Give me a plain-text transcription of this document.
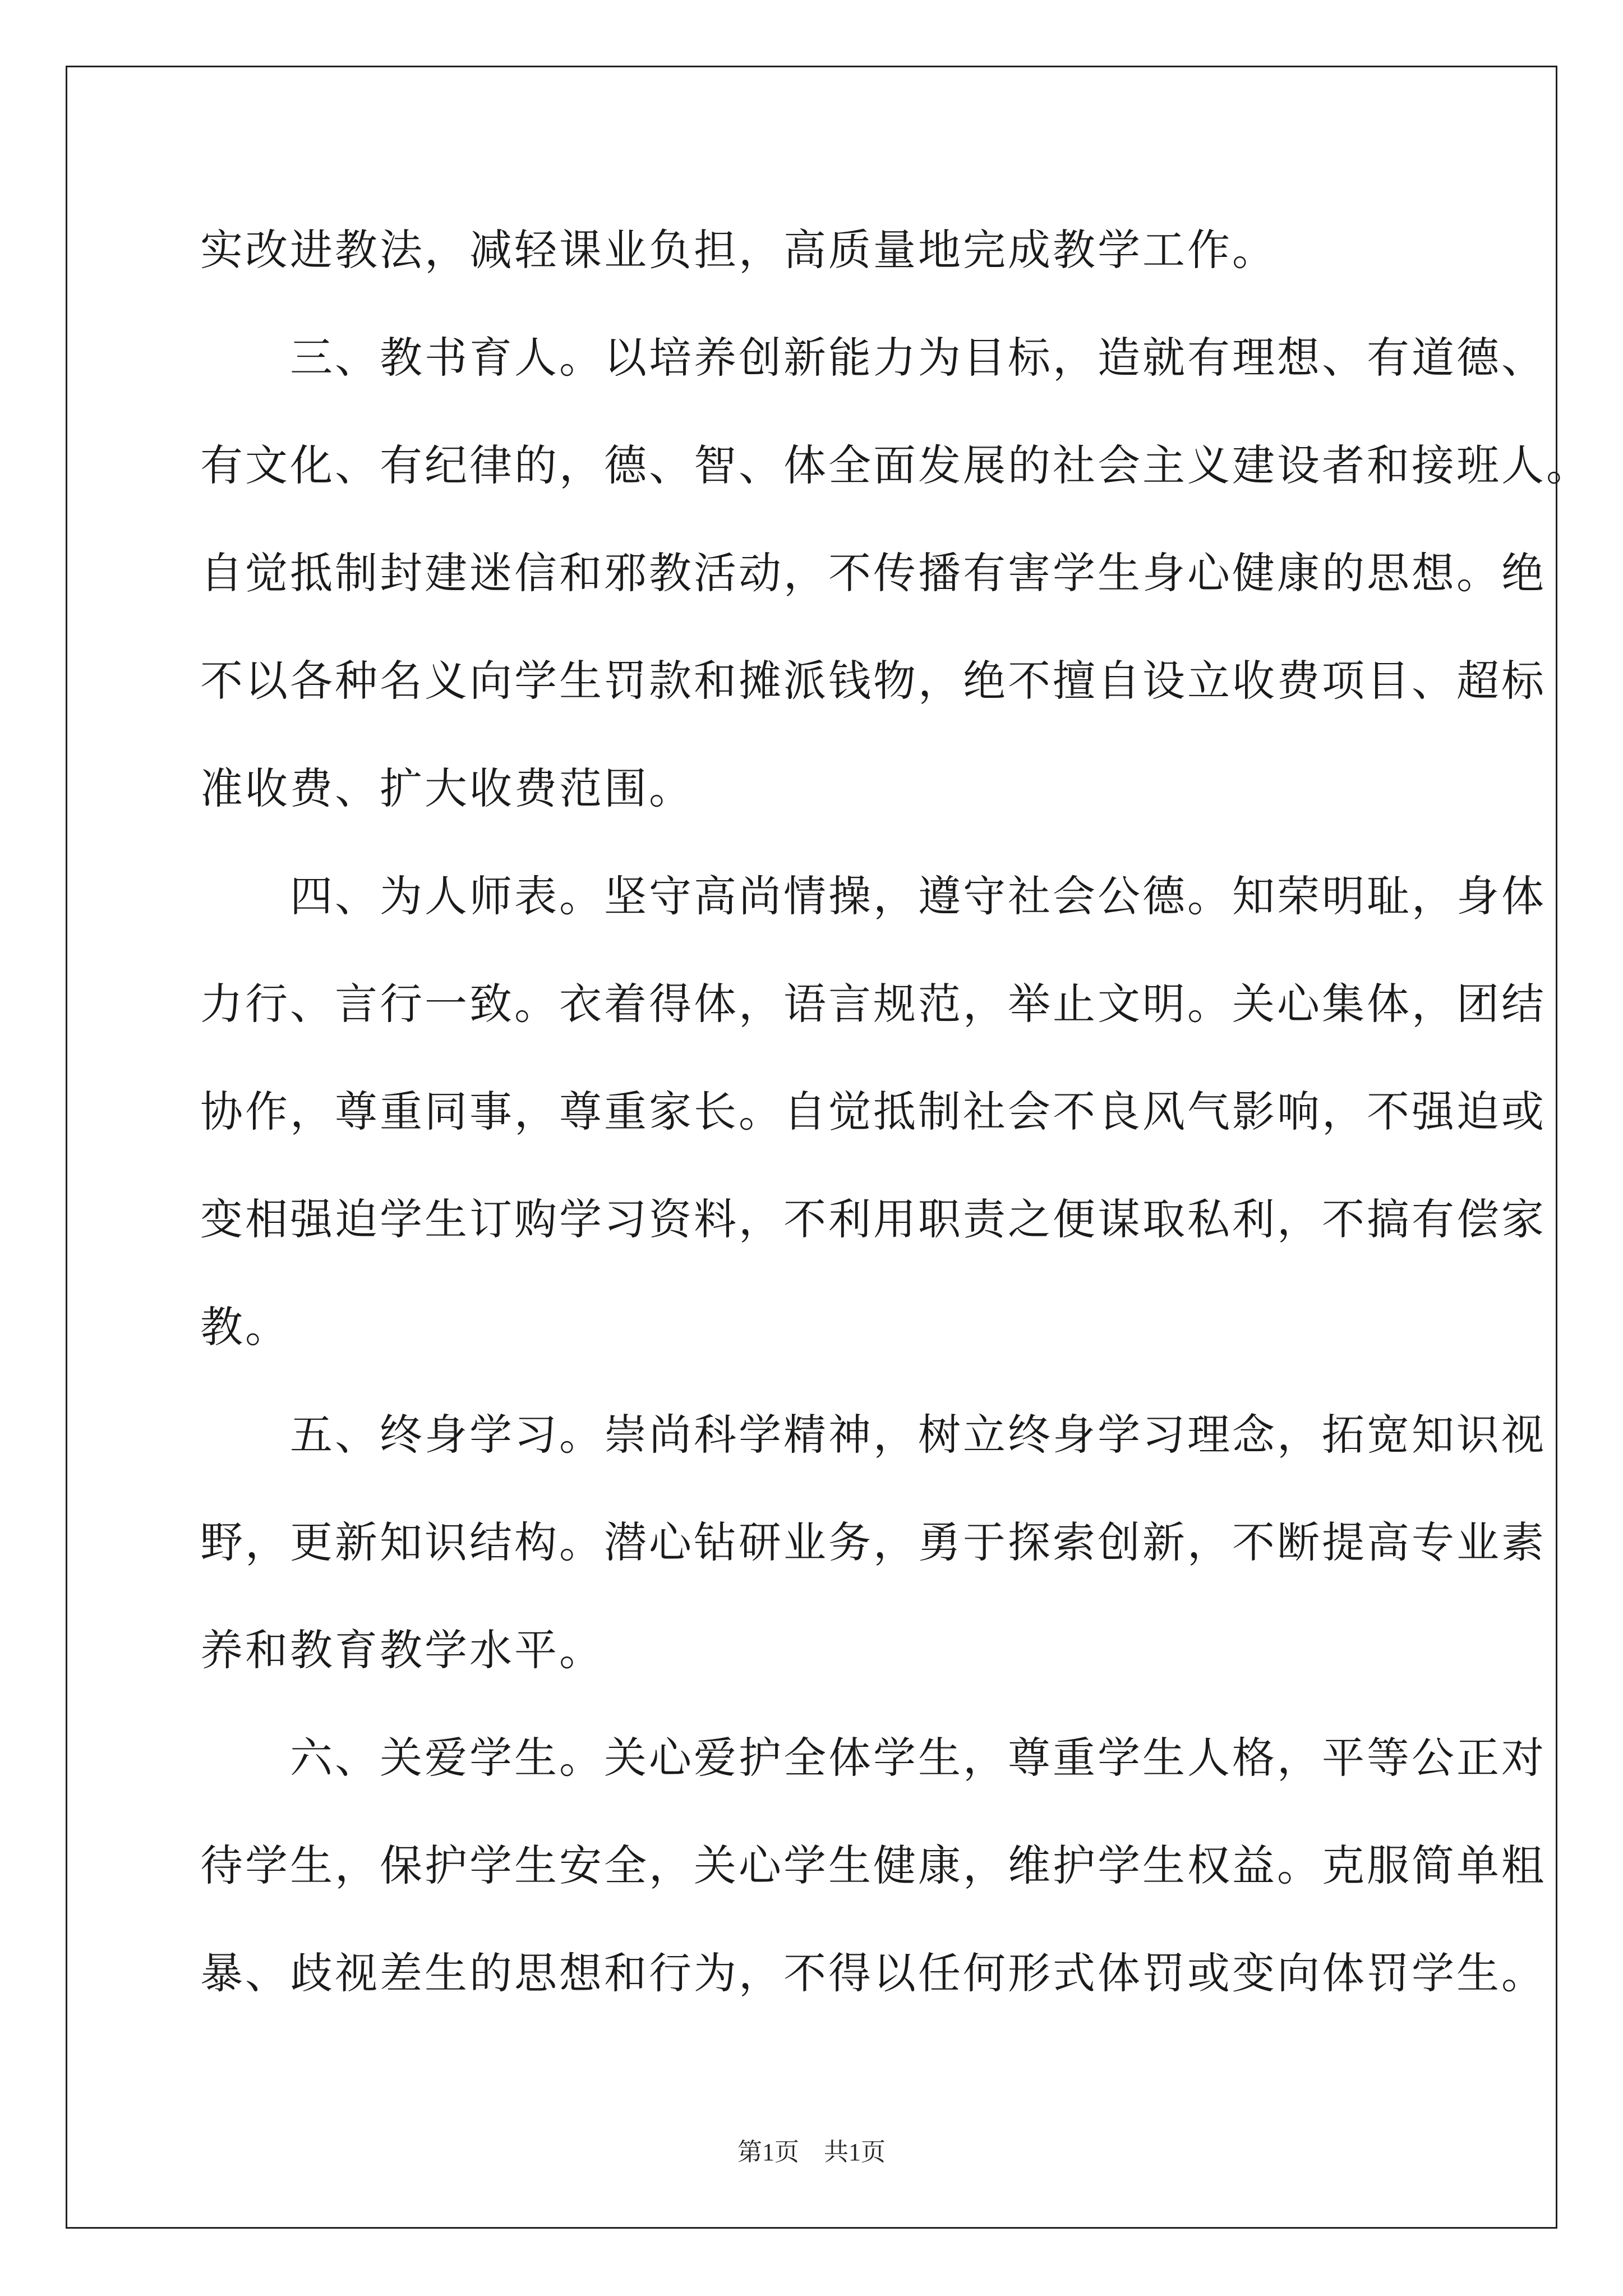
实改进教法，减轻课业负担，高质量地完成教学工作。
　　三、教书育人。以培养创新能力为目标，造就有理想、有道德、
有文化、有纪律的，德、智、体全面发展的社会主义建设者和接班人。
自觉抵制封建迷信和邪教活动，不传播有害学生身心健康的思想。绝
不以各种名义向学生罚款和摊派钱物，绝不擅自设立收费项目、超标
准收费、扩大收费范围。
　　四、为人师表。坚守高尚情操，遵守社会公德。知荣明耻，身体
力行、言行一致。衣着得体，语言规范，举止文明。关心集体，团结
协作，尊重同事，尊重家长。自觉抵制社会不良风气影响，不强迫或
变相强迫学生订购学习资料，不利用职责之便谋取私利，不搞有偿家
教。
　　五、终身学习。崇尚科学精神，树立终身学习理念，拓宽知识视
野，更新知识结构。潜心钻研业务，勇于探索创新，不断提高专业素
养和教育教学水平。
　　六、关爱学生。关心爱护全体学生，尊重学生人格，平等公正对
待学生，保护学生安全，关心学生健康，维护学生权益。克服简单粗
暴、歧视差生的思想和行为，不得以任何形式体罚或变向体罚学生。
第1页　共1页
